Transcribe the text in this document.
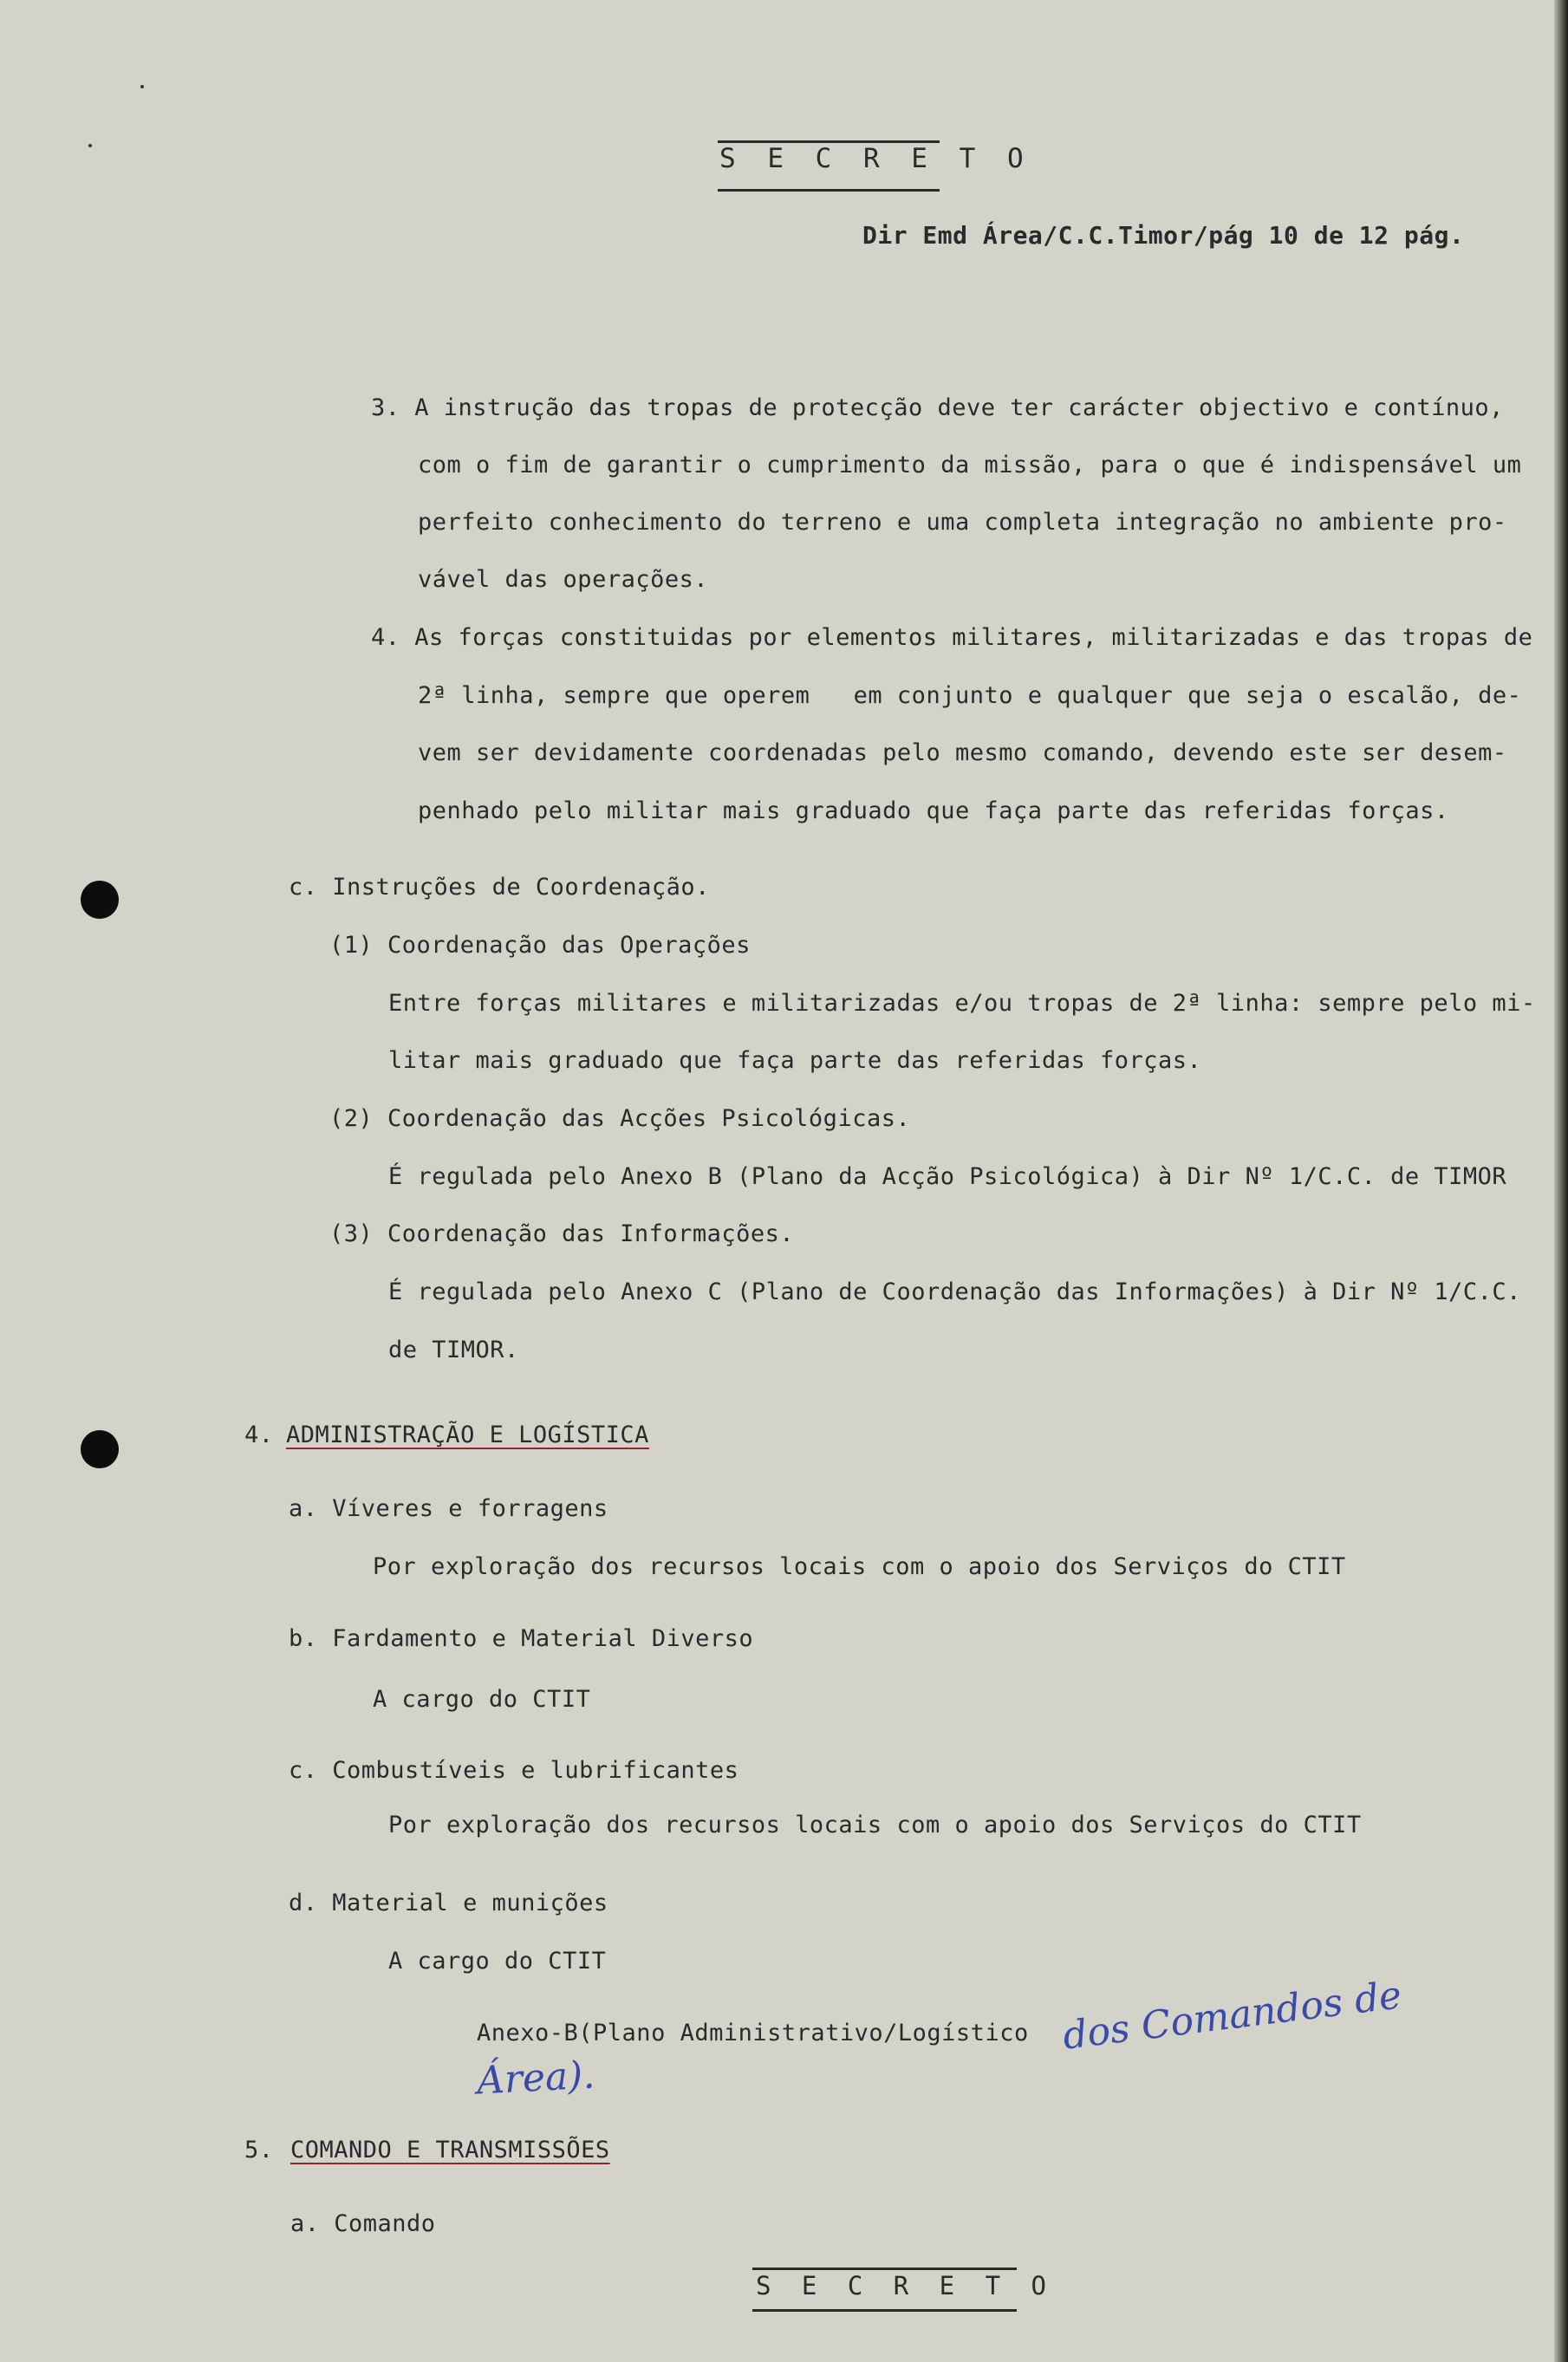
S E C R E T O
Dir Emd Área/C.C.Timor/pág 10 de 12 pág.
3. A instrução das tropas de protecção deve ter carácter objectivo e contínuo,
com o fim de garantir o cumprimento da missão, para o que é indispensável um
perfeito conhecimento do terreno e uma completa integração no ambiente pro-
vável das operações.
4. As forças constituidas por elementos militares, militarizadas e das tropas de
2ª linha, sempre que operem   em conjunto e qualquer que seja o escalão, de-
vem ser devidamente coordenadas pelo mesmo comando, devendo este ser desem-
penhado pelo militar mais graduado que faça parte das referidas forças.
c. Instruções de Coordenação.
(1) Coordenação das Operações
Entre forças militares e militarizadas e/ou tropas de 2ª linha: sempre pelo mi-
litar mais graduado que faça parte das referidas forças.
(2) Coordenação das Acções Psicológicas.
É regulada pelo Anexo B (Plano da Acção Psicológica) à Dir Nº 1/C.C. de TIMOR
(3) Coordenação das Informações.
É regulada pelo Anexo C (Plano de Coordenação das Informações) à Dir Nº 1/C.C.
de TIMOR.
4. ADMINISTRAÇÃO E LOGÍSTICA
a. Víveres e forragens
Por exploração dos recursos locais com o apoio dos Serviços do CTIT
b. Fardamento e Material Diverso
A cargo do CTIT
c. Combustíveis e lubrificantes
Por exploração dos recursos locais com o apoio dos Serviços do CTIT
d. Material e munições
A cargo do CTIT
Anexo-B(Plano Administrativo/Logístico dos Comandos de
Área).
5. COMANDO E TRANSMISSÕES
a. Comando
S E C R E T O
